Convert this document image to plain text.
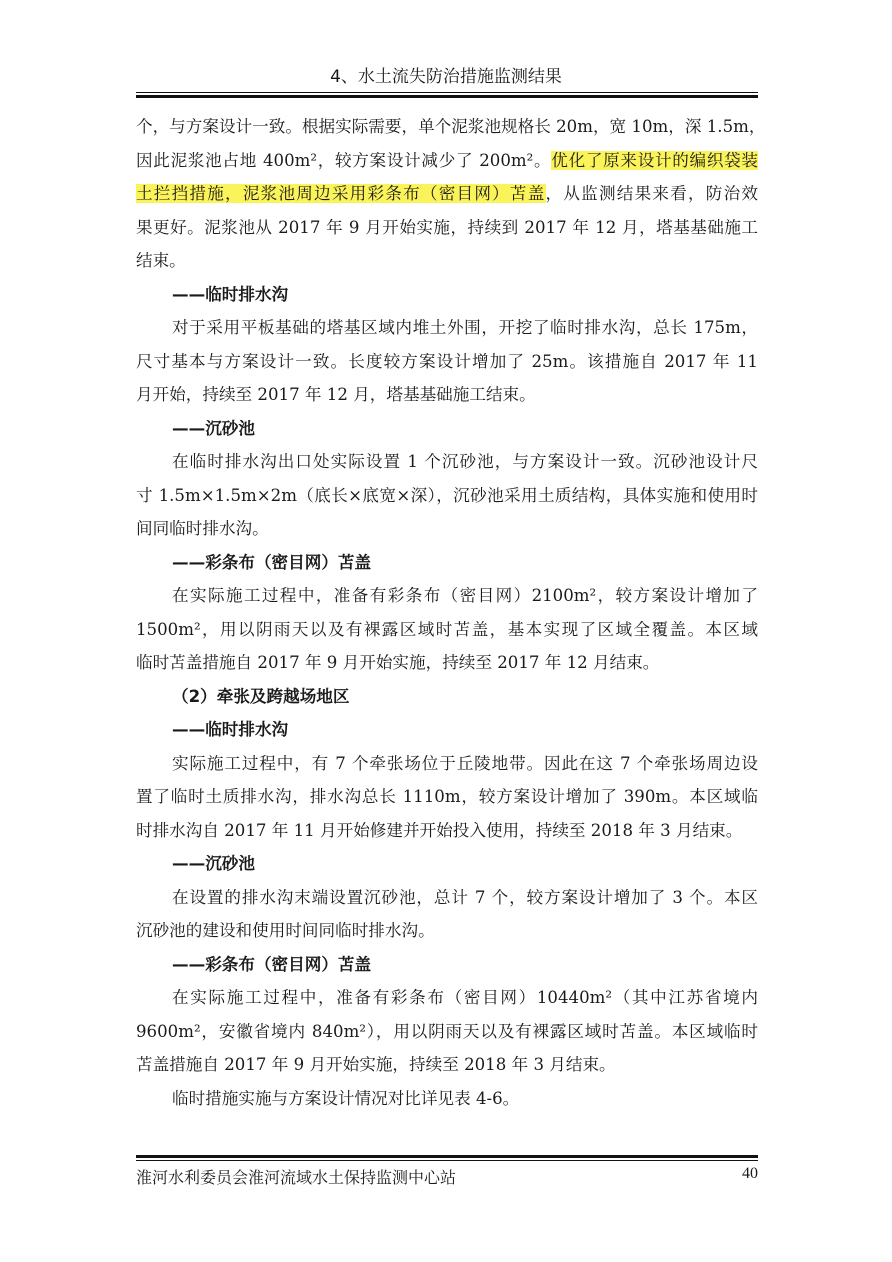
4、水土流失防治措施监测结果
个，与方案设计一致。根据实际需要，单个泥浆池规格长 20m，宽 10m，深 1.5m，
因此泥浆池占地 400m²，较方案设计减少了 200m²。优化了原来设计的编织袋装
土拦挡措施，泥浆池周边采用彩条布（密目网）苫盖，从监测结果来看，防治效
果更好。泥浆池从 2017 年 9 月开始实施，持续到 2017 年 12 月，塔基基础施工
结束。
——临时排水沟
对于采用平板基础的塔基区域内堆土外围，开挖了临时排水沟，总长 175m，
尺寸基本与方案设计一致。长度较方案设计增加了 25m。该措施自 2017 年 11
月开始，持续至 2017 年 12 月，塔基基础施工结束。
——沉砂池
在临时排水沟出口处实际设置 1 个沉砂池，与方案设计一致。沉砂池设计尺
寸 1.5m×1.5m×2m（底长×底宽×深），沉砂池采用土质结构，具体实施和使用时
间同临时排水沟。
——彩条布（密目网）苫盖
在实际施工过程中，准备有彩条布（密目网）2100m²，较方案设计增加了
1500m²，用以阴雨天以及有裸露区域时苫盖，基本实现了区域全覆盖。本区域
临时苫盖措施自 2017 年 9 月开始实施，持续至 2017 年 12 月结束。
（2）牵张及跨越场地区
——临时排水沟
实际施工过程中，有 7 个牵张场位于丘陵地带。因此在这 7 个牵张场周边设
置了临时土质排水沟，排水沟总长 1110m，较方案设计增加了 390m。本区域临
时排水沟自 2017 年 11 月开始修建并开始投入使用，持续至 2018 年 3 月结束。
——沉砂池
在设置的排水沟末端设置沉砂池，总计 7 个，较方案设计增加了 3 个。本区
沉砂池的建设和使用时间同临时排水沟。
——彩条布（密目网）苫盖
在实际施工过程中，准备有彩条布（密目网）10440m²（其中江苏省境内
9600m²，安徽省境内 840m²），用以阴雨天以及有裸露区域时苫盖。本区域临时
苫盖措施自 2017 年 9 月开始实施，持续至 2018 年 3 月结束。
临时措施实施与方案设计情况对比详见表 4-6。
淮河水利委员会淮河流域水土保持监测中心站	40
